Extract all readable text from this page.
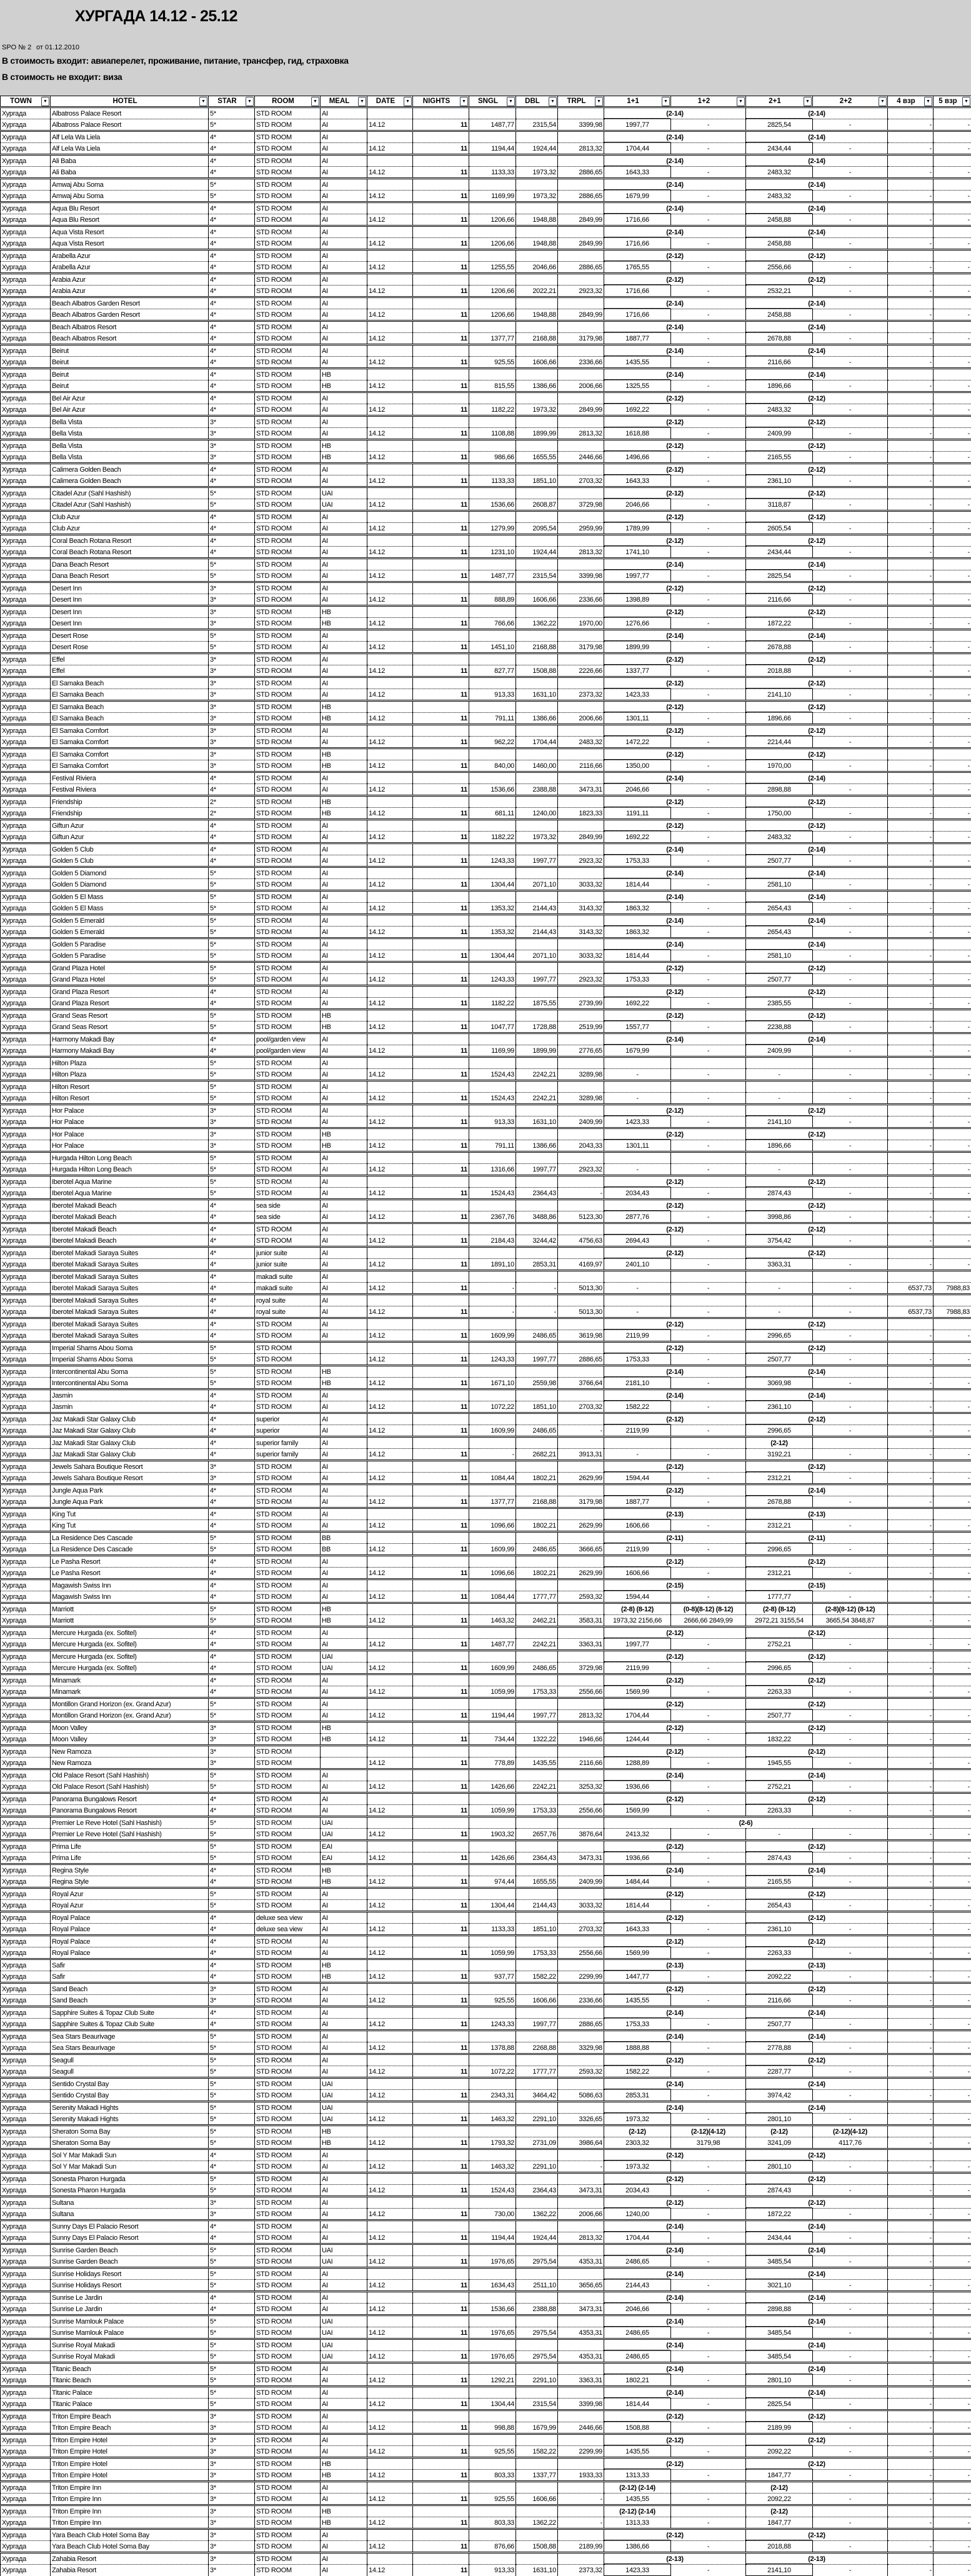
ХУРГАДА 14.12 - 25.12
SPO № 2 от 01.12.2010
В стоимость входит: авиаперелет, проживание, питание, трансфер, гид, страховка
В стоимость не входит: виза
TOWN ▼	HOTEL ▼	STAR ▼	ROOM ▼	MEAL ▼	DATE ▼	NIGHTS ▼	SNGL ▼	DBL ▼	TRPL ▼	1+1 ▼	1+2 ▼	2+1 ▼	2+2 ▼	4 взр ▼	5 взр ▼

Хургада	Albatross Palace Resort	5*	STD ROOM	AI						(2-14)		(2-14)			
Хургада	Albatross Palace Resort	5*	STD ROOM	AI	14.12	11	1487,77	2315,54	3399,98	1997,77	-	2825,54	-	-	-
Хургада	Alf Lela Wa Liela	4*	STD ROOM	AI						(2-14)		(2-14)			
Хургада	Alf Lela Wa Liela	4*	STD ROOM	AI	14.12	11	1194,44	1924,44	2813,32	1704,44	-	2434,44	-	-	-
Хургада	Ali Baba	4*	STD ROOM	AI						(2-14)		(2-14)			
Хургада	Ali Baba	4*	STD ROOM	AI	14.12	11	1133,33	1973,32	2886,65	1643,33	-	2483,32	-	-	-
Хургада	Amwaj Abu Soma	5*	STD ROOM	AI						(2-14)		(2-14)			
Хургада	Amwaj Abu Soma	5*	STD ROOM	AI	14.12	11	1169,99	1973,32	2886,65	1679,99	-	2483,32	-	-	-
Хургада	Aqua Blu Resort	4*	STD ROOM	AI						(2-14)		(2-14)			
Хургада	Aqua Blu Resort	4*	STD ROOM	AI	14.12	11	1206,66	1948,88	2849,99	1716,66	-	2458,88	-	-	-
Хургада	Aqua Vista Resort	4*	STD ROOM	AI						(2-14)		(2-14)			
Хургада	Aqua Vista Resort	4*	STD ROOM	AI	14.12	11	1206,66	1948,88	2849,99	1716,66	-	2458,88	-	-	-
Хургада	Arabella Azur	4*	STD ROOM	AI						(2-12)		(2-12)			
Хургада	Arabella Azur	4*	STD ROOM	AI	14.12	11	1255,55	2046,66	2886,65	1765,55	-	2556,66	-	-	-
Хургада	Arabia Azur	4*	STD ROOM	AI						(2-12)		(2-12)			
Хургада	Arabia Azur	4*	STD ROOM	AI	14.12	11	1206,66	2022,21	2923,32	1716,66	-	2532,21	-	-	-
Хургада	Beach Albatros Garden Resort	4*	STD ROOM	AI						(2-14)		(2-14)			
Хургада	Beach Albatros Garden Resort	4*	STD ROOM	AI	14.12	11	1206,66	1948,88	2849,99	1716,66	-	2458,88	-	-	-
Хургада	Beach Albatros Resort	4*	STD ROOM	AI						(2-14)		(2-14)			
Хургада	Beach Albatros Resort	4*	STD ROOM	AI	14.12	11	1377,77	2168,88	3179,98	1887,77	-	2678,88	-	-	-
Хургада	Beirut	4*	STD ROOM	AI						(2-14)		(2-14)			
Хургада	Beirut	4*	STD ROOM	AI	14.12	11	925,55	1606,66	2336,66	1435,55	-	2116,66	-	-	-
Хургада	Beirut	4*	STD ROOM	HB						(2-14)		(2-14)			
Хургада	Beirut	4*	STD ROOM	HB	14.12	11	815,55	1386,66	2006,66	1325,55	-	1896,66	-	-	-
Хургада	Bel Air Azur	4*	STD ROOM	AI						(2-12)		(2-12)			
Хургада	Bel Air Azur	4*	STD ROOM	AI	14.12	11	1182,22	1973,32	2849,99	1692,22	-	2483,32	-	-	-
Хургада	Bella Vista	3*	STD ROOM	AI						(2-12)		(2-12)			
Хургада	Bella Vista	3*	STD ROOM	AI	14.12	11	1108,88	1899,99	2813,32	1618,88	-	2409,99	-	-	-
Хургада	Bella Vista	3*	STD ROOM	HB						(2-12)		(2-12)			
Хургада	Bella Vista	3*	STD ROOM	HB	14.12	11	986,66	1655,55	2446,66	1496,66	-	2165,55	-	-	-
Хургада	Calimera Golden Beach	4*	STD ROOM	AI						(2-12)		(2-12)			
Хургада	Calimera Golden Beach	4*	STD ROOM	AI	14.12	11	1133,33	1851,10	2703,32	1643,33	-	2361,10	-	-	-
Хургада	Citadel Azur (Sahl Hashish)	5*	STD ROOM	UAI						(2-12)		(2-12)			
Хургада	Citadel Azur (Sahl Hashish)	5*	STD ROOM	UAI	14.12	11	1536,66	2608,87	3729,98	2046,66	-	3118,87	-	-	-
Хургада	Club Azur	4*	STD ROOM	AI						(2-12)		(2-12)			
Хургада	Club Azur	4*	STD ROOM	AI	14.12	11	1279,99	2095,54	2959,99	1789,99	-	2605,54	-	-	-
Хургада	Coral Beach Rotana Resort	4*	STD ROOM	AI						(2-12)		(2-12)			
Хургада	Coral Beach Rotana Resort	4*	STD ROOM	AI	14.12	11	1231,10	1924,44	2813,32	1741,10	-	2434,44	-	-	-
Хургада	Dana Beach Resort	5*	STD ROOM	AI						(2-14)		(2-14)			
Хургада	Dana Beach Resort	5*	STD ROOM	AI	14.12	11	1487,77	2315,54	3399,98	1997,77	-	2825,54	-	-	-
Хургада	Desert Inn	3*	STD ROOM	AI						(2-12)		(2-12)			
Хургада	Desert Inn	3*	STD ROOM	AI	14.12	11	888,89	1606,66	2336,66	1398,89	-	2116,66	-	-	-
Хургада	Desert Inn	3*	STD ROOM	HB						(2-12)		(2-12)			
Хургада	Desert Inn	3*	STD ROOM	HB	14.12	11	766,66	1362,22	1970,00	1276,66	-	1872,22	-	-	-
Хургада	Desert Rose	5*	STD ROOM	AI						(2-14)		(2-14)			
Хургада	Desert Rose	5*	STD ROOM	AI	14.12	11	1451,10	2168,88	3179,98	1899,99	-	2678,88	-	-	-
Хургада	Effel	3*	STD ROOM	AI						(2-12)		(2-12)			
Хургада	Effel	3*	STD ROOM	AI	14.12	11	827,77	1508,88	2226,66	1337,77	-	2018,88	-	-	-
Хургада	El Samaka Beach	3*	STD ROOM	AI						(2-12)		(2-12)			
Хургада	El Samaka Beach	3*	STD ROOM	AI	14.12	11	913,33	1631,10	2373,32	1423,33	-	2141,10	-	-	-
Хургада	El Samaka Beach	3*	STD ROOM	HB						(2-12)		(2-12)			
Хургада	El Samaka Beach	3*	STD ROOM	HB	14.12	11	791,11	1386,66	2006,66	1301,11	-	1896,66	-	-	-
Хургада	El Samaka Comfort	3*	STD ROOM	AI						(2-12)		(2-12)			
Хургада	El Samaka Comfort	3*	STD ROOM	AI	14.12	11	962,22	1704,44	2483,32	1472,22	-	2214,44	-	-	-
Хургада	El Samaka Comfort	3*	STD ROOM	HB						(2-12)		(2-12)			
Хургада	El Samaka Comfort	3*	STD ROOM	HB	14.12	11	840,00	1460,00	2116,66	1350,00	-	1970,00	-	-	-
Хургада	Festival Riviera	4*	STD ROOM	AI						(2-14)		(2-14)			
Хургада	Festival Riviera	4*	STD ROOM	AI	14.12	11	1536,66	2388,88	3473,31	2046,66	-	2898,88	-	-	-
Хургада	Friendship	2*	STD ROOM	HB						(2-12)		(2-12)			
Хургада	Friendship	2*	STD ROOM	HB	14.12	11	681,11	1240,00	1823,33	1191,11	-	1750,00	-	-	-
Хургада	Giftun Azur	4*	STD ROOM	AI						(2-12)		(2-12)			
Хургада	Giftun Azur	4*	STD ROOM	AI	14.12	11	1182,22	1973,32	2849,99	1692,22	-	2483,32	-	-	-
Хургада	Golden 5 Club	4*	STD ROOM	AI						(2-14)		(2-14)			
Хургада	Golden 5 Club	4*	STD ROOM	AI	14.12	11	1243,33	1997,77	2923,32	1753,33	-	2507,77	-	-	-
Хургада	Golden 5 Diamond	5*	STD ROOM	AI						(2-14)		(2-14)			
Хургада	Golden 5 Diamond	5*	STD ROOM	AI	14.12	11	1304,44	2071,10	3033,32	1814,44	-	2581,10	-	-	-
Хургада	Golden 5 El Mass	5*	STD ROOM	AI						(2-14)		(2-14)			
Хургада	Golden 5 El Mass	5*	STD ROOM	AI	14.12	11	1353,32	2144,43	3143,32	1863,32	-	2654,43	-	-	-
Хургада	Golden 5 Emerald	5*	STD ROOM	AI						(2-14)		(2-14)			
Хургада	Golden 5 Emerald	5*	STD ROOM	AI	14.12	11	1353,32	2144,43	3143,32	1863,32	-	2654,43	-	-	-
Хургада	Golden 5 Paradise	5*	STD ROOM	AI						(2-14)		(2-14)			
Хургада	Golden 5 Paradise	5*	STD ROOM	AI	14.12	11	1304,44	2071,10	3033,32	1814,44	-	2581,10	-	-	-
Хургада	Grand Plaza Hotel	5*	STD ROOM	AI						(2-12)		(2-12)			
Хургада	Grand Plaza Hotel	5*	STD ROOM	AI	14.12	11	1243,33	1997,77	2923,32	1753,33	-	2507,77	-	-	-
Хургада	Grand Plaza Resort	4*	STD ROOM	AI						(2-12)		(2-12)			
Хургада	Grand Plaza Resort	4*	STD ROOM	AI	14.12	11	1182,22	1875,55	2739,99	1692,22	-	2385,55	-	-	-
Хургада	Grand Seas Resort	5*	STD ROOM	HB						(2-12)		(2-12)			
Хургада	Grand Seas Resort	5*	STD ROOM	HB	14.12	11	1047,77	1728,88	2519,99	1557,77	-	2238,88	-	-	-
Хургада	Harmony Makadi Bay	4*	pool/garden view	AI						(2-14)		(2-14)			
Хургада	Harmony Makadi Bay	4*	pool/garden view	AI	14.12	11	1169,99	1899,99	2776,65	1679,99	-	2409,99	-	-	-
Хургада	Hilton Plaza	5*	STD ROOM	AI											
Хургада	Hilton Plaza	5*	STD ROOM	AI	14.12	11	1524,43	2242,21	3289,98	-	-	-	-	-	-
Хургада	Hilton Resort	5*	STD ROOM	AI											
Хургада	Hilton Resort	5*	STD ROOM	AI	14.12	11	1524,43	2242,21	3289,98	-	-	-	-	-	-
Хургада	Hor Palace	3*	STD ROOM	AI						(2-12)		(2-12)			
Хургада	Hor Palace	3*	STD ROOM	AI	14.12	11	913,33	1631,10	2409,99	1423,33	-	2141,10	-	-	-
Хургада	Hor Palace	3*	STD ROOM	HB						(2-12)		(2-12)			
Хургада	Hor Palace	3*	STD ROOM	HB	14.12	11	791,11	1386,66	2043,33	1301,11	-	1896,66	-	-	-
Хургада	Hurgada Hilton Long Beach	5*	STD ROOM	AI											
Хургада	Hurgada Hilton Long Beach	5*	STD ROOM	AI	14.12	11	1316,66	1997,77	2923,32	-	-	-	-	-	-
Хургада	Iberotel Aqua Marine	5*	STD ROOM	AI						(2-12)		(2-12)			
Хургада	Iberotel Aqua Marine	5*	STD ROOM	AI	14.12	11	1524,43	2364,43	-	2034,43	-	2874,43	-	-	-
Хургада	Iberotel Makadi Beach	4*	sea side	AI						(2-12)		(2-12)			
Хургада	Iberotel Makadi Beach	4*	sea side	AI	14.12	11	2367,76	3488,86	5123,30	2877,76	-	3998,86	-	-	-
Хургада	Iberotel Makadi Beach	4*	STD ROOM	AI						(2-12)		(2-12)			
Хургада	Iberotel Makadi Beach	4*	STD ROOM	AI	14.12	11	2184,43	3244,42	4756,63	2694,43	-	3754,42	-	-	-
Хургада	Iberotel Makadi Saraya Suites	4*	junior suite	AI						(2-12)		(2-12)			
Хургада	Iberotel Makadi Saraya Suites	4*	junior suite	AI	14.12	11	1891,10	2853,31	4169,97	2401,10	-	3363,31	-	-	-
Хургада	Iberotel Makadi Saraya Suites	4*	makadi suite	AI											
Хургада	Iberotel Makadi Saraya Suites	4*	makadi suite	AI	14.12	11	-	-	5013,30	-	-	-	-	6537,73	7988,83
Хургада	Iberotel Makadi Saraya Suites	4*	royal suite	AI											
Хургада	Iberotel Makadi Saraya Suites	4*	royal suite	AI	14.12	11	-	-	5013,30	-	-	-	-	6537,73	7988,83
Хургада	Iberotel Makadi Saraya Suites	4*	STD ROOM	AI						(2-12)		(2-12)			
Хургада	Iberotel Makadi Saraya Suites	4*	STD ROOM	AI	14.12	11	1609,99	2486,65	3619,98	2119,99	-	2996,65	-	-	-
Хургада	Imperial Shams Abou Soma	5*	STD ROOM							(2-12)		(2-12)			
Хургада	Imperial Shams Abou Soma	5*	STD ROOM		14.12	11	1243,33	1997,77	2886,65	1753,33	-	2507,77	-	-	-
Хургада	Intercontinental Abu Soma	5*	STD ROOM	HB						(2-14)		(2-14)			
Хургада	Intercontinental Abu Soma	5*	STD ROOM	HB	14.12	11	1671,10	2559,98	3766,64	2181,10	-	3069,98	-	-	-
Хургада	Jasmin	4*	STD ROOM	AI						(2-14)		(2-14)			
Хургада	Jasmin	4*	STD ROOM	AI	14.12	11	1072,22	1851,10	2703,32	1582,22	-	2361,10	-	-	-
Хургада	Jaz Makadi Star Galaxy Club	4*	superior	AI						(2-12)		(2-12)			
Хургада	Jaz Makadi Star Galaxy Club	4*	superior	AI	14.12	11	1609,99	2486,65	-	2119,99	-	2996,65	-	-	-
Хургада	Jaz Makadi Star Galaxy Club	4*	superior family	AI								(2-12)			
Хургада	Jaz Makadi Star Galaxy Club	4*	superior family	AI	14.12	11	-	2682,21	3913,31	-	-	3192,21	-	-	-
Хургада	Jewels Sahara Boutique Resort	3*	STD ROOM	AI						(2-12)		(2-12)			
Хургада	Jewels Sahara Boutique Resort	3*	STD ROOM	AI	14.12	11	1084,44	1802,21	2629,99	1594,44	-	2312,21	-	-	-
Хургада	Jungle Aqua Park	4*	STD ROOM	AI						(2-12)		(2-14)			
Хургада	Jungle Aqua Park	4*	STD ROOM	AI	14.12	11	1377,77	2168,88	3179,98	1887,77	-	2678,88	-	-	-
Хургада	King Tut	4*	STD ROOM	AI						(2-13)		(2-13)			
Хургада	King Tut	4*	STD ROOM	AI	14.12	11	1096,66	1802,21	2629,99	1606,66	-	2312,21	-	-	-
Хургада	La Residence Des Cascade	5*	STD ROOM	BB						(2-11)		(2-11)			
Хургада	La Residence Des Cascade	5*	STD ROOM	BB	14.12	11	1609,99	2486,65	3666,65	2119,99	-	2996,65	-	-	-
Хургада	Le Pasha Resort	4*	STD ROOM	AI						(2-12)		(2-12)			
Хургада	Le Pasha Resort	4*	STD ROOM	AI	14.12	11	1096,66	1802,21	2629,99	1606,66	-	2312,21	-	-	-
Хургада	Magawish Swiss Inn	4*	STD ROOM	AI						(2-15)		(2-15)			
Хургада	Magawish Swiss Inn	4*	STD ROOM	AI	14.12	11	1084,44	1777,77	2593,32	1594,44	-	1777,77	-	-	-
Хургада	Marriott	5*	STD ROOM	HB						(2-8) (8-12)	(0-8)(8-12) (8-12)	(2-8) (8-12)	(2-8)(8-12) (8-12)		
Хургада	Marriott	5*	STD ROOM	HB	14.12	11	1463,32	2462,21	3583,31	1973,32 2156,66	2666,66 2849,99	2972,21 3155,54	3665,54 3848,87	-	-
Хургада	Mercure Hurgada (ex. Sofitel)	4*	STD ROOM	AI						(2-12)		(2-12)			
Хургада	Mercure Hurgada (ex. Sofitel)	4*	STD ROOM	AI	14.12	11	1487,77	2242,21	3363,31	1997,77	-	2752,21	-	-	-
Хургада	Mercure Hurgada (ex. Sofitel)	4*	STD ROOM	UAI						(2-12)		(2-12)			
Хургада	Mercure Hurgada (ex. Sofitel)	4*	STD ROOM	UAI	14.12	11	1609,99	2486,65	3729,98	2119,99	-	2996,65	-	-	-
Хургада	Minamark	4*	STD ROOM	AI						(2-12)		(2-12)			
Хургада	Minamark	4*	STD ROOM	AI	14.12	11	1059,99	1753,33	2556,66	1569,99	-	2263,33	-	-	-
Хургада	Montillon Grand Horizon (ex. Grand Azur)	5*	STD ROOM	AI						(2-12)		(2-12)			
Хургада	Montillon Grand Horizon (ex. Grand Azur)	5*	STD ROOM	AI	14.12	11	1194,44	1997,77	2813,32	1704,44	-	2507,77	-	-	-
Хургада	Moon Valley	3*	STD ROOM	HB						(2-12)		(2-12)			
Хургада	Moon Valley	3*	STD ROOM	HB	14.12	11	734,44	1322,22	1946,66	1244,44	-	1832,22	-	-	-
Хургада	New Ramoza	3*	STD ROOM							(2-12)		(2-12)			
Хургада	New Ramoza	3*	STD ROOM		14.12	11	778,89	1435,55	2116,66	1288,89	-	1945,55	-	-	-
Хургада	Old Palace Resort (Sahl Hashish)	5*	STD ROOM	AI						(2-14)		(2-14)			
Хургада	Old Palace Resort (Sahl Hashish)	5*	STD ROOM	AI	14.12	11	1426,66	2242,21	3253,32	1936,66	-	2752,21	-	-	-
Хургада	Panorama Bungalows Resort	4*	STD ROOM	AI						(2-12)		(2-12)			
Хургада	Panorama Bungalows Resort	4*	STD ROOM	AI	14.12	11	1059,99	1753,33	2556,66	1569,99	-	2263,33	-	-	-
Хургада	Premier Le Reve Hotel (Sahl Hashish)	5*	STD ROOM	UAI						(2-6)					
Хургада	Premier Le Reve Hotel (Sahl Hashish)	5*	STD ROOM	UAI	14.12	11	1903,32	2657,76	3876,64	2413,32	-	-	-	-	-
Хургада	Prima Life	5*	STD ROOM	EAI						(2-12)		(2-12)			
Хургада	Prima Life	5*	STD ROOM	EAI	14.12	11	1426,66	2364,43	3473,31	1936,66	-	2874,43	-	-	-
Хургада	Regina Style	4*	STD ROOM	HB						(2-14)		(2-14)			
Хургада	Regina Style	4*	STD ROOM	HB	14.12	11	974,44	1655,55	2409,99	1484,44	-	2165,55	-	-	-
Хургада	Royal Azur	5*	STD ROOM	AI						(2-12)		(2-12)			
Хургада	Royal Azur	5*	STD ROOM	AI	14.12	11	1304,44	2144,43	3033,32	1814,44	-	2654,43	-	-	-
Хургада	Royal Palace	4*	deluxe sea view	AI						(2-12)		(2-12)			
Хургада	Royal Palace	4*	deluxe sea view	AI	14.12	11	1133,33	1851,10	2703,32	1643,33	-	2361,10	-	-	-
Хургада	Royal Palace	4*	STD ROOM	AI						(2-12)		(2-12)			
Хургада	Royal Palace	4*	STD ROOM	AI	14.12	11	1059,99	1753,33	2556,66	1569,99	-	2263,33	-	-	-
Хургада	Safir	4*	STD ROOM	HB						(2-13)		(2-13)			
Хургада	Safir	4*	STD ROOM	HB	14.12	11	937,77	1582,22	2299,99	1447,77	-	2092,22	-	-	-
Хургада	Sand Beach	3*	STD ROOM	AI						(2-12)		(2-12)			
Хургада	Sand Beach	3*	STD ROOM	AI	14.12	11	925,55	1606,66	2336,66	1435,55	-	2116,66	-	-	-
Хургада	Sapphire Suites & Topaz Club Suite	4*	STD ROOM	AI						(2-14)		(2-14)			
Хургада	Sapphire Suites & Topaz Club Suite	4*	STD ROOM	AI	14.12	11	1243,33	1997,77	2886,65	1753,33	-	2507,77	-	-	-
Хургада	Sea Stars Beaurivage	5*	STD ROOM	AI						(2-14)		(2-14)			
Хургада	Sea Stars Beaurivage	5*	STD ROOM	AI	14.12	11	1378,88	2268,88	3329,98	1888,88	-	2778,88	-	-	-
Хургада	Seagull	5*	STD ROOM	AI						(2-12)		(2-12)			
Хургада	Seagull	5*	STD ROOM	AI	14.12	11	1072,22	1777,77	2593,32	1582,22	-	2287,77	-	-	-
Хургада	Sentido Crystal Bay	5*	STD ROOM	UAI						(2-14)		(2-14)			
Хургада	Sentido Crystal Bay	5*	STD ROOM	UAI	14.12	11	2343,31	3464,42	5086,63	2853,31	-	3974,42	-	-	-
Хургада	Serenity Makadi Hights	5*	STD ROOM	UAI						(2-14)		(2-14)			
Хургада	Serenity Makadi Hights	5*	STD ROOM	UAI	14.12	11	1463,32	2291,10	3326,65	1973,32	-	2801,10	-	-	-
Хургада	Sheraton Soma Bay	5*	STD ROOM	HB						(2-12)	(2-12)(4-12)	(2-12)	(2-12)(4-12)		
Хургада	Sheraton Soma Bay	5*	STD ROOM	HB	14.12	11	1793,32	2731,09	3986,64	2303,32	3179,98	3241,09	4117,76	-	-
Хургада	Sol Y Mar Makadi Sun	4*	STD ROOM	AI						(2-12)		(2-12)			
Хургада	Sol Y Mar Makadi Sun	4*	STD ROOM	AI	14.12	11	1463,32	2291,10	-	1973,32	-	2801,10	-	-	-
Хургада	Sonesta Pharon Hurgada	5*	STD ROOM	AI						(2-12)		(2-12)			
Хургада	Sonesta Pharon Hurgada	5*	STD ROOM	AI	14.12	11	1524,43	2364,43	3473,31	2034,43	-	2874,43	-	-	-
Хургада	Sultana	3*	STD ROOM	AI						(2-12)		(2-12)			
Хургада	Sultana	3*	STD ROOM	AI	14.12	11	730,00	1362,22	2006,66	1240,00	-	1872,22	-	-	-
Хургада	Sunny Days El Palacio Resort	4*	STD ROOM	AI						(2-14)		(2-14)			
Хургада	Sunny Days El Palacio Resort	4*	STD ROOM	AI	14.12	11	1194,44	1924,44	2813,32	1704,44	-	2434,44	-	-	-
Хургада	Sunrise Garden Beach	5*	STD ROOM	UAI						(2-14)		(2-14)			
Хургада	Sunrise Garden Beach	5*	STD ROOM	UAI	14.12	11	1976,65	2975,54	4353,31	2486,65	-	3485,54	-	-	-
Хургада	Sunrise Holidays Resort	5*	STD ROOM	AI						(2-14)		(2-14)			
Хургада	Sunrise Holidays Resort	5*	STD ROOM	AI	14.12	11	1634,43	2511,10	3656,65	2144,43	-	3021,10	-	-	-
Хургада	Sunrise Le Jardin	4*	STD ROOM	AI						(2-14)		(2-14)			
Хургада	Sunrise Le Jardin	4*	STD ROOM	AI	14.12	11	1536,66	2388,88	3473,31	2046,66	-	2898,88	-	-	-
Хургада	Sunrise Mamlouk Palace	5*	STD ROOM	UAI						(2-14)		(2-14)			
Хургада	Sunrise Mamlouk Palace	5*	STD ROOM	UAI	14.12	11	1976,65	2975,54	4353,31	2486,65	-	3485,54	-	-	-
Хургада	Sunrise Royal Makadi	5*	STD ROOM	UAI						(2-14)		(2-14)			
Хургада	Sunrise Royal Makadi	5*	STD ROOM	UAI	14.12	11	1976,65	2975,54	4353,31	2486,65	-	3485,54	-	-	-
Хургада	Titanic Beach	5*	STD ROOM	AI						(2-14)		(2-14)			
Хургада	Titanic Beach	5*	STD ROOM	AI	14.12	11	1292,21	2291,10	3363,31	1802,21	-	2801,10	-	-	-
Хургада	Titanic Palace	5*	STD ROOM	AI						(2-14)		(2-14)			
Хургада	Titanic Palace	5*	STD ROOM	AI	14.12	11	1304,44	2315,54	3399,98	1814,44	-	2825,54	-	-	-
Хургада	Triton Empire Beach	3*	STD ROOM	AI						(2-12)		(2-12)			
Хургада	Triton Empire Beach	3*	STD ROOM	AI	14.12	11	998,88	1679,99	2446,66	1508,88	-	2189,99	-	-	-
Хургада	Triton Empire Hotel	3*	STD ROOM	AI						(2-12)		(2-12)			
Хургада	Triton Empire Hotel	3*	STD ROOM	AI	14.12	11	925,55	1582,22	2299,99	1435,55	-	2092,22	-	-	-
Хургада	Triton Empire Hotel	3*	STD ROOM	HB						(2-12)		(2-12)			
Хургада	Triton Empire Hotel	3*	STD ROOM	HB	14.12	11	803,33	1337,77	1933,33	1313,33	-	1847,77	-	-	-
Хургада	Triton Empire Inn	3*	STD ROOM	AI						(2-12) (2-14)		(2-12)			
Хургада	Triton Empire Inn	3*	STD ROOM	AI	14.12	11	925,55	1606,66	-	1435,55	-	2092,22	-	-	-
Хургада	Triton Empire Inn	3*	STD ROOM	HB						(2-12) (2-14)		(2-12)			
Хургада	Triton Empire Inn	3*	STD ROOM	HB	14.12	11	803,33	1362,22	-	1313,33	-	1847,77	-	-	-
Хургада	Yara Beach Club Hotel Soma Bay	3*	STD ROOM	AI						(2-12)		(2-12)			
Хургада	Yara Beach Club Hotel Soma Bay	3*	STD ROOM	AI	14.12	11	876,66	1508,88	2189,99	1386,66	-	2018,88	-	-	-
Хургада	Zahabia Resort	3*	STD ROOM	AI						(2-13)		(2-13)			
Хургада	Zahabia Resort	3*	STD ROOM	AI	14.12	11	913,33	1631,10	2373,32	1423,33	-	2141,10	-	-	-
